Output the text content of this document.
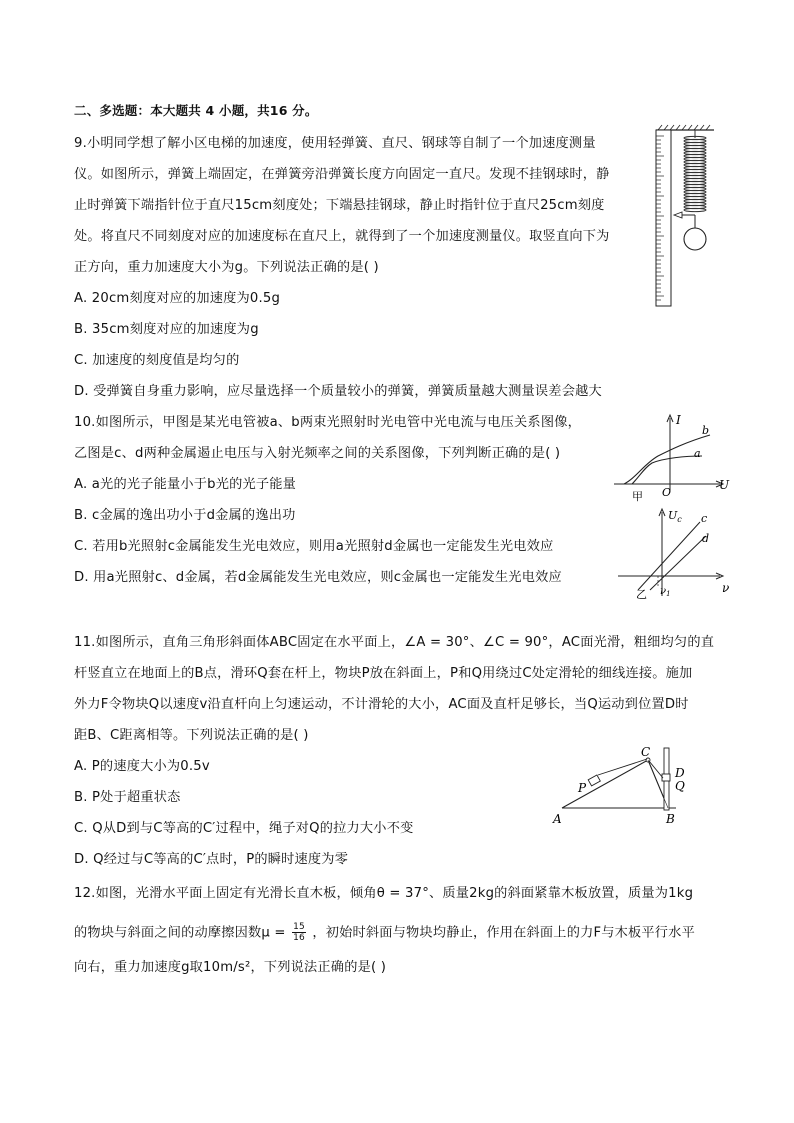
二、多选题：本大题共 4 小题，共16 分。
9.小明同学想了解小区电梯的加速度，使用轻弹簧、直尺、钢球等自制了一个加速度测量
仪。如图所示，弹簧上端固定，在弹簧旁沿弹簧长度方向固定一直尺。发现不挂钢球时，静
止时弹簧下端指针位于直尺15cm刻度处；下端悬挂钢球，静止时指针位于直尺25cm刻度
处。将直尺不同刻度对应的加速度标在直尺上，就得到了一个加速度测量仪。取竖直向下为
正方向，重力加速度大小为g。下列说法正确的是( )
A. 20cm刻度对应的加速度为0.5g
B. 35cm刻度对应的加速度为g
C. 加速度的刻度值是均匀的
D. 受弹簧自身重力影响，应尽量选择一个质量较小的弹簧，弹簧质量越大测量误差会越大
10.如图所示，甲图是某光电管被a、b两束光照射时光电管中光电流与电压关系图像，
乙图是c、d两种金属遏止电压与入射光频率之间的关系图像，下列判断正确的是( )
A. a光的光子能量小于b光的光子能量
B. c金属的逸出功小于d金属的逸出功
C. 若用b光照射c金属能发生光电效应，则用a光照射d金属也一定能发生光电效应
D. 用a光照射c、d金属，若d金属能发生光电效应，则c金属也一定能发生光电效应
I
U
O
b
a
甲
$U_c$
ν
$\nu_1$
c
d
乙
11.如图所示，直角三角形斜面体ABC固定在水平面上，∠A = 30°、∠C = 90°，AC面光滑，粗细均匀的直
杆竖直立在地面上的B点，滑环Q套在杆上，物块P放在斜面上，P和Q用绕过C处定滑轮的细线连接。施加
外力F令物块Q以速度v沿直杆向上匀速运动，不计滑轮的大小，AC面及直杆足够长，当Q运动到位置D时
距B、C距离相等。下列说法正确的是( )
A. P的速度大小为0.5v
B. P处于超重状态
C. Q从D到与C等高的C′过程中，绳子对Q的拉力大小不变
D. Q经过与C等高的C′点时，P的瞬时速度为零
A	B
C
D
Q
P
12.如图，光滑水平面上固定有光滑长直木板，倾角θ = 37°、质量2kg的斜面紧靠木板放置，质量为1kg
的物块与斜面之间的动摩擦因数$\mu = \frac{15}{16}$ ，初始时斜面与物块均静止，作用在斜面上的力F与木板平行水平
向右，重力加速度g取10m/s²，下列说法正确的是( )
